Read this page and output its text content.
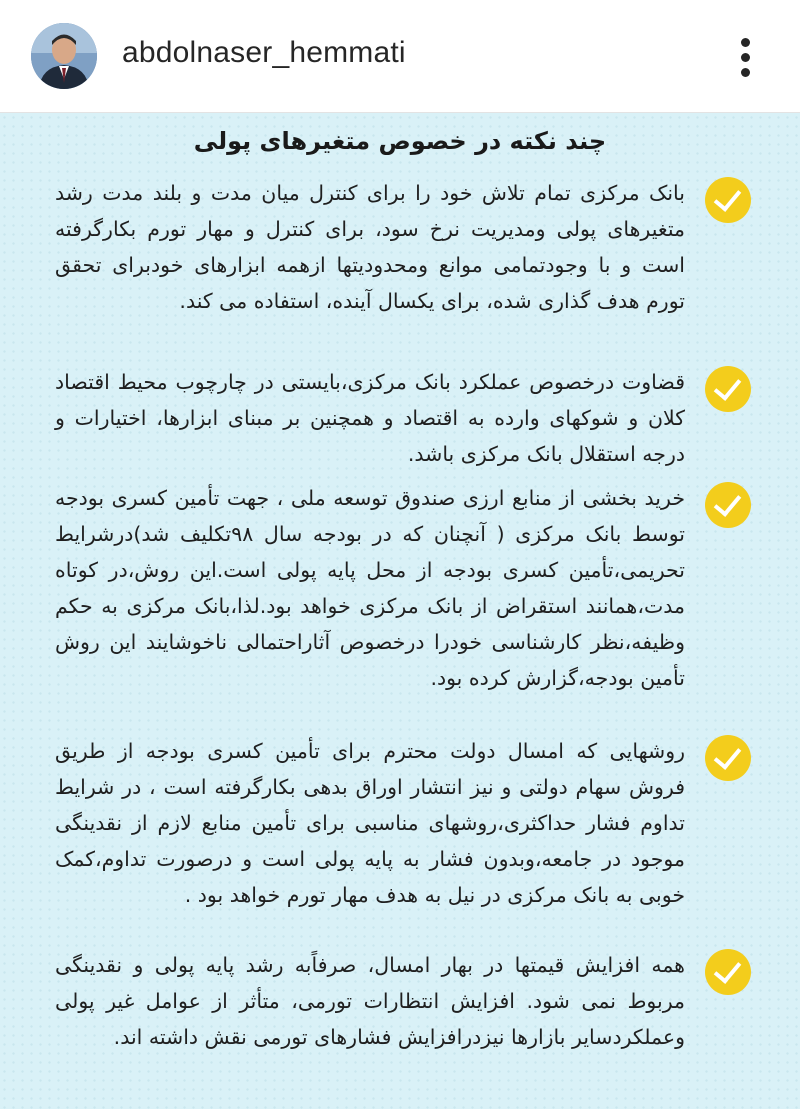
abdolnaser_hemmati
چند نکته در خصوص متغیرهای پولی
بانک مرکزی تمام تلاش خود را برای کنترل میان مدت و بلند مدت رشد متغیرهای پولی ومدیریت نرخ سود، برای کنترل و مهار تورم بکارگرفته است و با وجودتمامی موانع ومحدودیتها ازهمه ابزارهای خودبرای تحقق تورم هدف گذاری شده، برای یکسال آینده، استفاده می کند.
قضاوت درخصوص عملکرد بانک مرکزی،بایستی در چارچوب محیط اقتصاد کلان و شوکهای وارده به اقتصاد و همچنین بر مبنای ابزارها، اختیارات و درجه استقلال بانک مرکزی باشد.
خرید بخشی از منابع ارزی صندوق توسعه ملی ، جهت تأمین کسری بودجه توسط بانک مرکزی ( آنچنان که در بودجه سال ۹۸تکلیف شد)درشرایط تحریمی،تأمین کسری بودجه از محل پایه پولی است.این روش،در کوتاه مدت،همانند استقراض از بانک مرکزی خواهد بود.لذا،بانک مرکزی به حکم وظیفه،نظر کارشناسی خودرا درخصوص آثاراحتمالی ناخوشایند این روش تأمین بودجه،گزارش کرده بود.
روشهایی که امسال دولت محترم برای تأمین کسری بودجه از طریق فروش سهام دولتی و نیز انتشار اوراق بدهی بکارگرفته است ، در شرایط تداوم فشار حداکثری،روشهای مناسبی برای تأمین منابع لازم از نقدینگی موجود در جامعه،وبدون فشار به پایه پولی است و درصورت تداوم،کمک خوبی به بانک مرکزی در نیل به هدف مهار تورم خواهد بود .
همه افزایش قیمتها در بهار امسال، صرفاًبه رشد پایه پولی و نقدینگی مربوط نمی شود. افزایش انتظارات تورمی، متأثر از عوامل غیر پولی وعملکردسایر بازارها نیزدرافزایش فشارهای تورمی نقش داشته اند.
